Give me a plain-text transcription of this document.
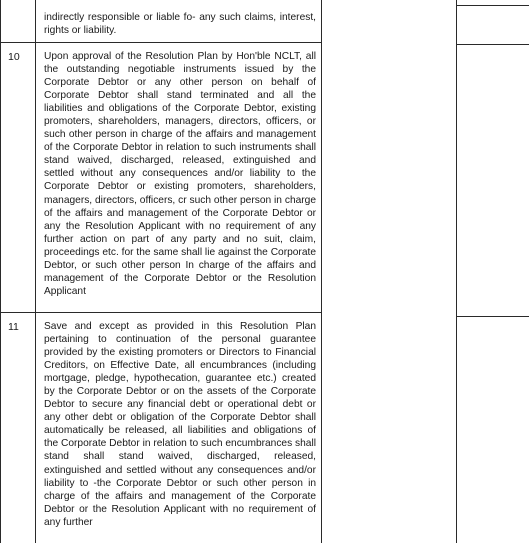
indirectly responsible or liable fo- any such claims, interest, rights or liability.

10 Upon approval of the Resolution Plan by Hon'ble NCLT, all the outstanding negotiable instruments issued by the Corporate Debtor or any other person on behalf of Corporate Debtor shall stand terminated and all the liabilities and obligations of the Corporate Debtor, existing promoters, shareholders, managers, directors, officers, or such other person in charge of the affairs and management of the Corporate Debtor in relation to such instruments shall stand waived, discharged, released, extinguished and settled without any consequences and/or liability to the Corporate Debtor or existing promoters, shareholders, managers, directors, officers, cr such other person in charge of the affairs and management of the Corporate Debtor or any the Resolution Applicant with no requirement of any further action on part of any party and no suit, claim, proceedings etc. for the same shall lie against the Corporate Debtor, or such other person In charge of the affairs and management of the Corporate Debtor or the Resolution Applicant

11 Save and except as provided in this Resolution Plan pertaining to continuation of the personal guarantee provided by the existing promoters or Directors to Financial Creditors, on Effective Date, all encumbrances (including mortgage, pledge, hypothecation, guarantee etc.) created by the Corporate Debtor or on the assets of the Corporate Debtor to secure any financial debt or operational debt or any other debt or obligation of the Corporate Debtor shall automatically be released, all liabilities and obligations of the Corporate Debtor in relation to such encumbrances shall stand shall stand waived, discharged, released, extinguished and settled without any consequences and/or liability to -the Corporate Debtor or such other person in charge of the affairs and management of the Corporate Debtor or the Resolution Applicant with no requirement of any further
